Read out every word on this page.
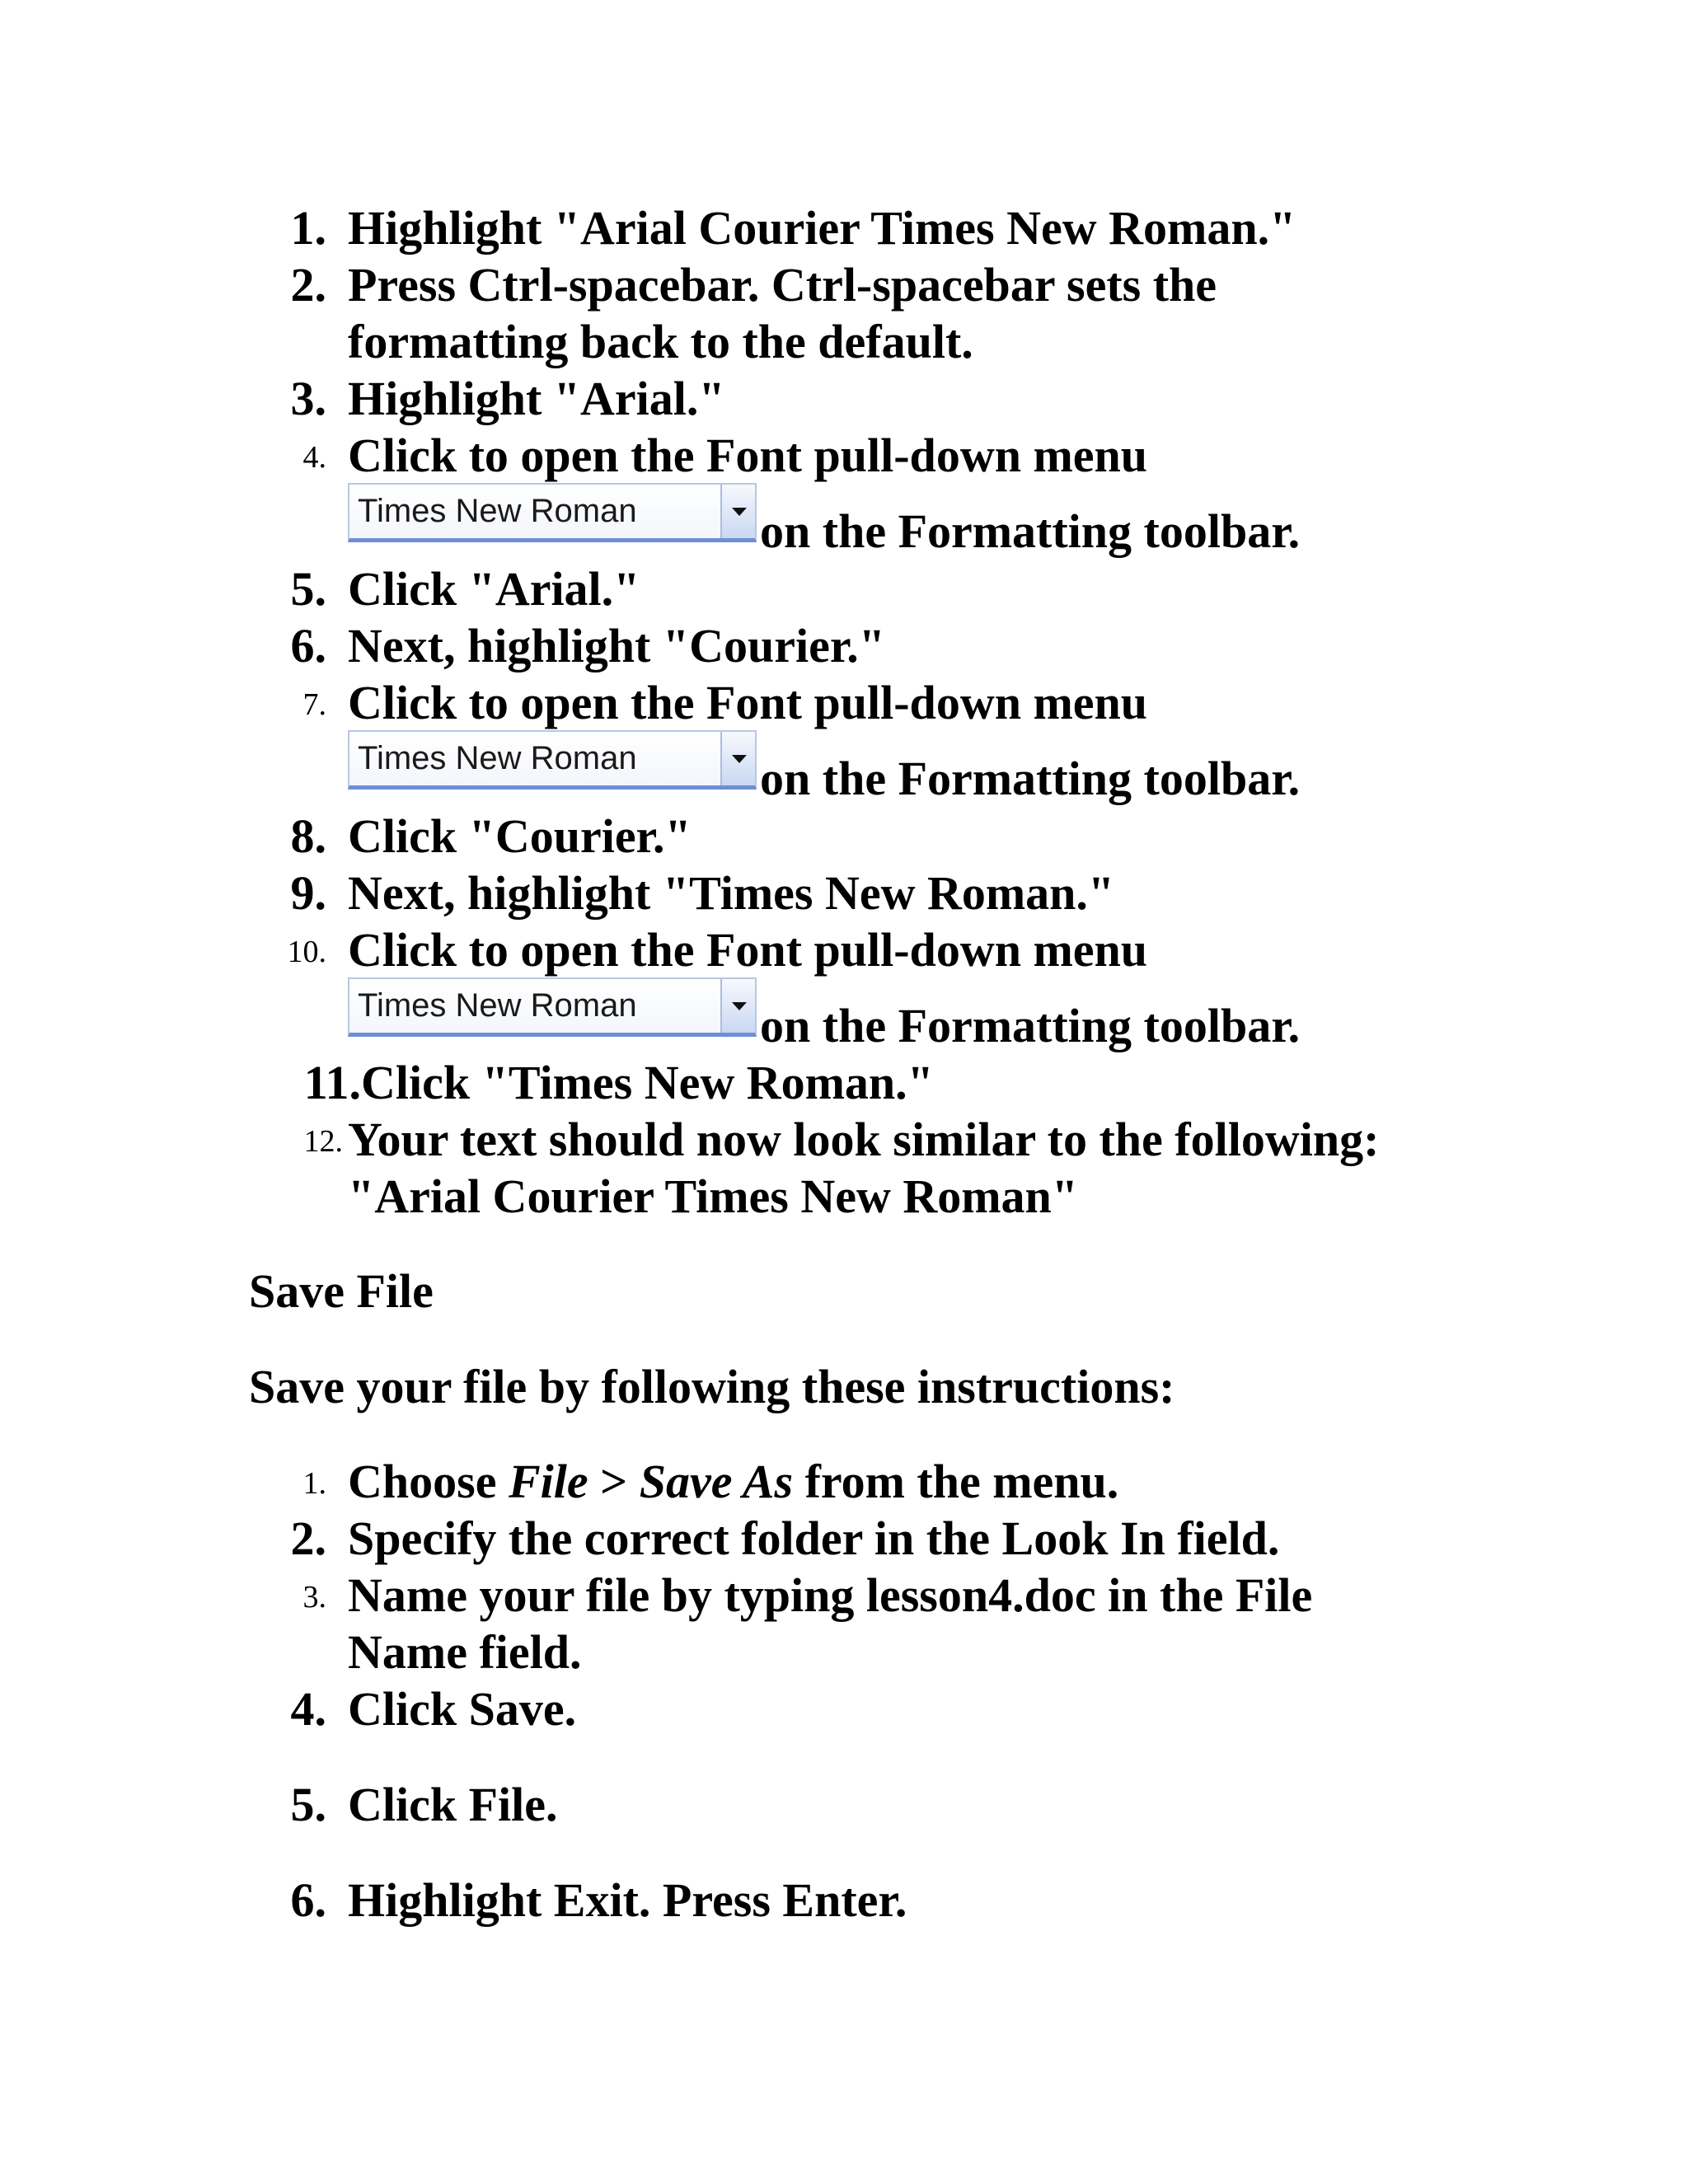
1. Highlight "Arial Courier Times New Roman."
2. Press Ctrl-spacebar. Ctrl-spacebar sets the
formatting back to the default.
3. Highlight "Arial."
4. Click to open the Font pull-down menu
Times New Roman	on the Formatting toolbar.
5. Click "Arial."
6. Next, highlight "Courier."
7. Click to open the Font pull-down menu
Times New Roman	on the Formatting toolbar.
8. Click "Courier."
9. Next, highlight "Times New Roman."
10. Click to open the Font pull-down menu
Times New Roman	on the Formatting toolbar.
11. Click "Times New Roman."
12. Your text should now look similar to the following:
"Arial Courier Times New Roman"
Save File
Save your file by following these instructions:
1. Choose File > Save As from the menu.
2. Specify the correct folder in the Look In field.
3. Name your file by typing lesson4.doc in the File
Name field.
4. Click Save.
5. Click File.
6. Highlight Exit. Press Enter.
